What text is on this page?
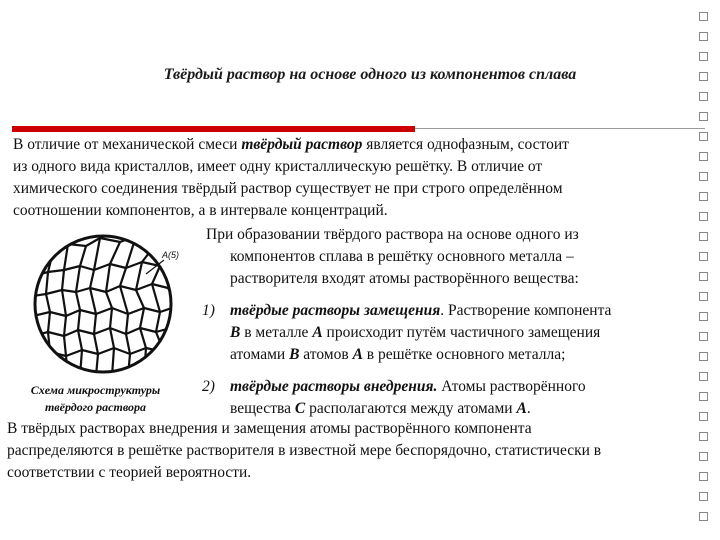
Твёрдый раствор на основе одного из компонентов сплава
В отличие от механической смеси твёрдый раствор является однофазным, состоит
из одного вида кристаллов, имеет одну кристаллическую решётку. В отличие от
химического соединения твёрдый раствор существует не при строго определённом
соотношении компонентов, а в интервале концентраций.
A(5)
Схема микроструктуры
твёрдого раствора
При образовании твёрдого раствора на основе одного из
компонентов сплава в решётку основного металла –
растворителя входят атомы растворённого вещества:
1) твёрдые растворы замещения. Растворение компонента
B в металле A происходит путём частичного замещения
атомами B атомов A в решётке основного металла;
2) твёрдые растворы внедрения. Атомы растворённого
вещества C располагаются между атомами A.
В твёрдых растворах внедрения и замещения атомы растворённого компонента
распределяются в решётке растворителя в известной мере беспорядочно, статистически в
соответствии с теорией вероятности.
